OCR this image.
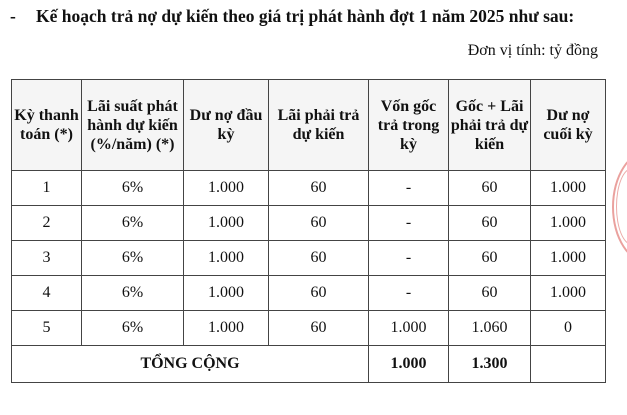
- Kế hoạch trả nợ dự kiến theo giá trị phát hành đợt 1 năm 2025 như sau:
Đơn vị tính: tỷ đồng
Kỳ thanh toán (*)	Lãi suất phát hành dự kiến (%/năm) (*)	Dư nợ đầu kỳ	Lãi phải trả dự kiến	Vốn gốc trả trong kỳ	Gốc + Lãi phải trả dự kiến	Dư nợ cuối kỳ
1	6%	1.000	60	-	60	1.000
2	6%	1.000	60	-	60	1.000
3	6%	1.000	60	-	60	1.000
4	6%	1.000	60	-	60	1.000
5	6%	1.000	60	1.000	1.060	0
TỔNG CỘNG				1.000	1.300	
